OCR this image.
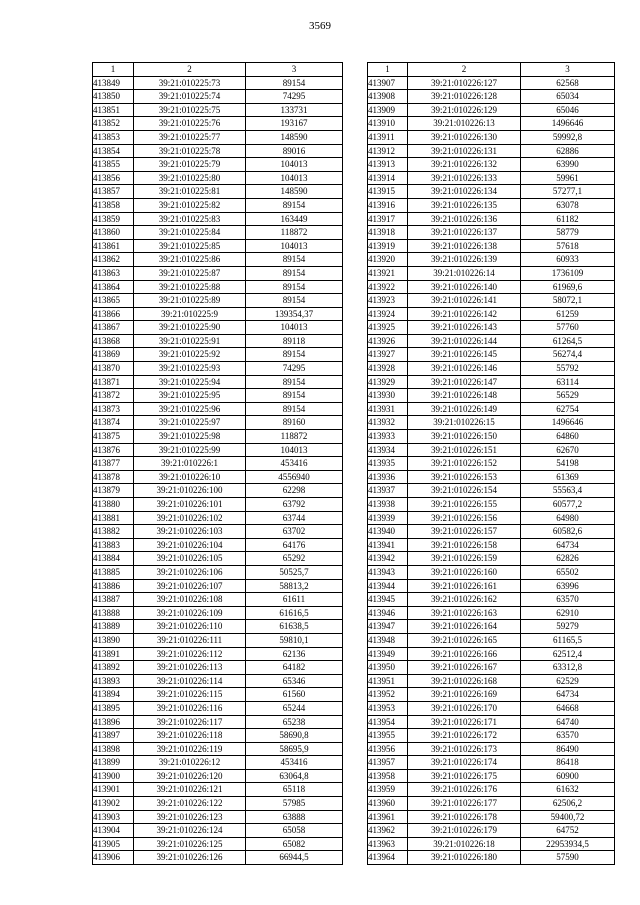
3569
1	2	3
413849	39:21:010225:73	89154
413850	39:21:010225:74	74295
413851	39:21:010225:75	133731
413852	39:21:010225:76	193167
413853	39:21:010225:77	148590
413854	39:21:010225:78	89016
413855	39:21:010225:79	104013
413856	39:21:010225:80	104013
413857	39:21:010225:81	148590
413858	39:21:010225:82	89154
413859	39:21:010225:83	163449
413860	39:21:010225:84	118872
413861	39:21:010225:85	104013
413862	39:21:010225:86	89154
413863	39:21:010225:87	89154
413864	39:21:010225:88	89154
413865	39:21:010225:89	89154
413866	39:21:010225:9	139354,37
413867	39:21:010225:90	104013
413868	39:21:010225:91	89118
413869	39:21:010225:92	89154
413870	39:21:010225:93	74295
413871	39:21:010225:94	89154
413872	39:21:010225:95	89154
413873	39:21:010225:96	89154
413874	39:21:010225:97	89160
413875	39:21:010225:98	118872
413876	39:21:010225:99	104013
413877	39:21:010226:1	453416
413878	39:21:010226:10	4556940
413879	39:21:010226:100	62298
413880	39:21:010226:101	63792
413881	39:21:010226:102	63744
413882	39:21:010226:103	63702
413883	39:21:010226:104	64176
413884	39:21:010226:105	65292
413885	39:21:010226:106	50525,7
413886	39:21:010226:107	58813,2
413887	39:21:010226:108	61611
413888	39:21:010226:109	61616,5
413889	39:21:010226:110	61638,5
413890	39:21:010226:111	59810,1
413891	39:21:010226:112	62136
413892	39:21:010226:113	64182
413893	39:21:010226:114	65346
413894	39:21:010226:115	61560
413895	39:21:010226:116	65244
413896	39:21:010226:117	65238
413897	39:21:010226:118	58690,8
413898	39:21:010226:119	58695,9
413899	39:21:010226:12	453416
413900	39:21:010226:120	63064,8
413901	39:21:010226:121	65118
413902	39:21:010226:122	57985
413903	39:21:010226:123	63888
413904	39:21:010226:124	65058
413905	39:21:010226:125	65082
413906	39:21:010226:126	66944,5
1	2	3
413907	39:21:010226:127	62568
413908	39:21:010226:128	65034
413909	39:21:010226:129	65046
413910	39:21:010226:13	1496646
413911	39:21:010226:130	59992,8
413912	39:21:010226:131	62886
413913	39:21:010226:132	63990
413914	39:21:010226:133	59961
413915	39:21:010226:134	57277,1
413916	39:21:010226:135	63078
413917	39:21:010226:136	61182
413918	39:21:010226:137	58779
413919	39:21:010226:138	57618
413920	39:21:010226:139	60933
413921	39:21:010226:14	1736109
413922	39:21:010226:140	61969,6
413923	39:21:010226:141	58072,1
413924	39:21:010226:142	61259
413925	39:21:010226:143	57760
413926	39:21:010226:144	61264,5
413927	39:21:010226:145	56274,4
413928	39:21:010226:146	55792
413929	39:21:010226:147	63114
413930	39:21:010226:148	56529
413931	39:21:010226:149	62754
413932	39:21:010226:15	1496646
413933	39:21:010226:150	64860
413934	39:21:010226:151	62670
413935	39:21:010226:152	54198
413936	39:21:010226:153	61369
413937	39:21:010226:154	55563,4
413938	39:21:010226:155	60577,2
413939	39:21:010226:156	64980
413940	39:21:010226:157	60582,6
413941	39:21:010226:158	64734
413942	39:21:010226:159	62826
413943	39:21:010226:160	65502
413944	39:21:010226:161	63996
413945	39:21:010226:162	63570
413946	39:21:010226:163	62910
413947	39:21:010226:164	59279
413948	39:21:010226:165	61165,5
413949	39:21:010226:166	62512,4
413950	39:21:010226:167	63312,8
413951	39:21:010226:168	62529
413952	39:21:010226:169	64734
413953	39:21:010226:170	64668
413954	39:21:010226:171	64740
413955	39:21:010226:172	63570
413956	39:21:010226:173	86490
413957	39:21:010226:174	86418
413958	39:21:010226:175	60900
413959	39:21:010226:176	61632
413960	39:21:010226:177	62506,2
413961	39:21:010226:178	59400,72
413962	39:21:010226:179	64752
413963	39:21:010226:18	22953934,5
413964	39:21:010226:180	57590
